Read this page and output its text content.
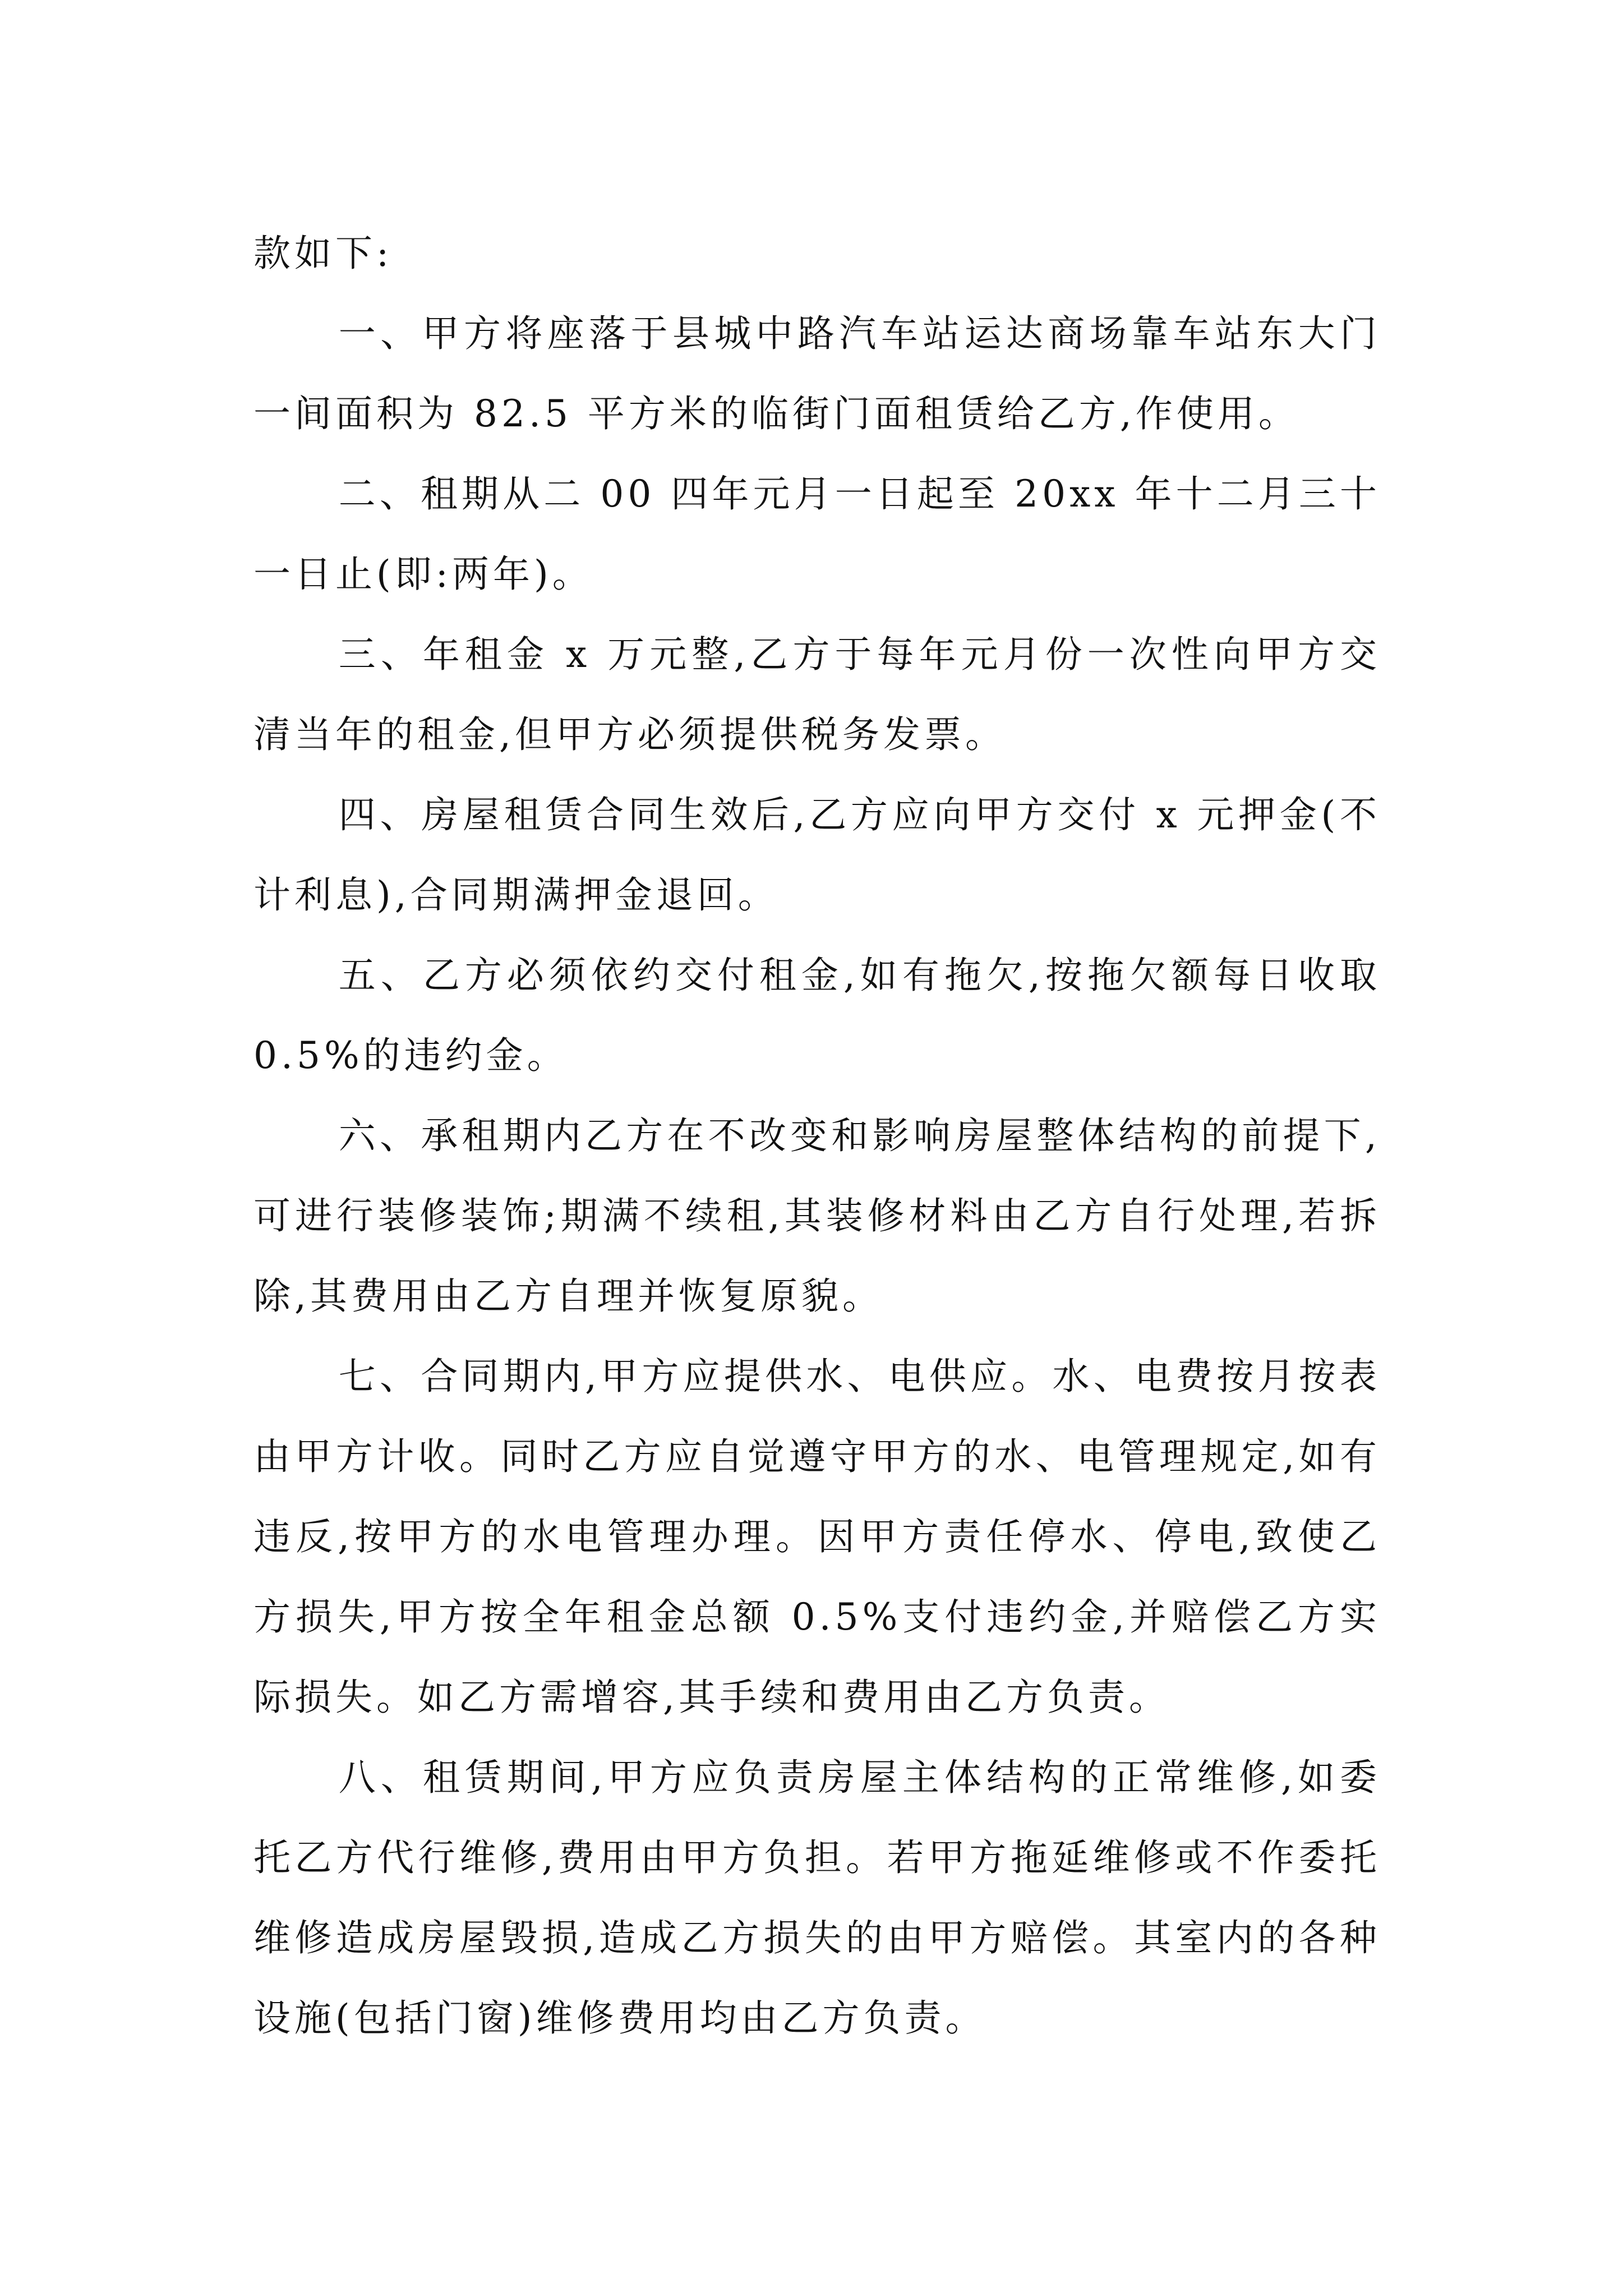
款如下:

一、甲方将座落于县城中路汽车站运达商场靠车站东大门一间面积为 82.5 平方米的临街门面租赁给乙方,作使用。

二、租期从二 00 四年元月一日起至 20xx 年十二月三十一日止(即:两年)。

三、年租金 x 万元整,乙方于每年元月份一次性向甲方交清当年的租金,但甲方必须提供税务发票。

四、房屋租赁合同生效后,乙方应向甲方交付 x 元押金(不计利息),合同期满押金退回。

五、乙方必须依约交付租金,如有拖欠,按拖欠额每日收取 0.5%的违约金。

六、承租期内乙方在不改变和影响房屋整体结构的前提下,可进行装修装饰;期满不续租,其装修材料由乙方自行处理,若拆除,其费用由乙方自理并恢复原貌。

七、合同期内,甲方应提供水、电供应。水、电费按月按表由甲方计收。同时乙方应自觉遵守甲方的水、电管理规定,如有违反,按甲方的水电管理办理。因甲方责任停水、停电,致使乙方损失,甲方按全年租金总额 0.5%支付违约金,并赔偿乙方实际损失。如乙方需增容,其手续和费用由乙方负责。

八、租赁期间,甲方应负责房屋主体结构的正常维修,如委托乙方代行维修,费用由甲方负担。若甲方拖延维修或不作委托维修造成房屋毁损,造成乙方损失的由甲方赔偿。其室内的各种设施(包括门窗)维修费用均由乙方负责。
